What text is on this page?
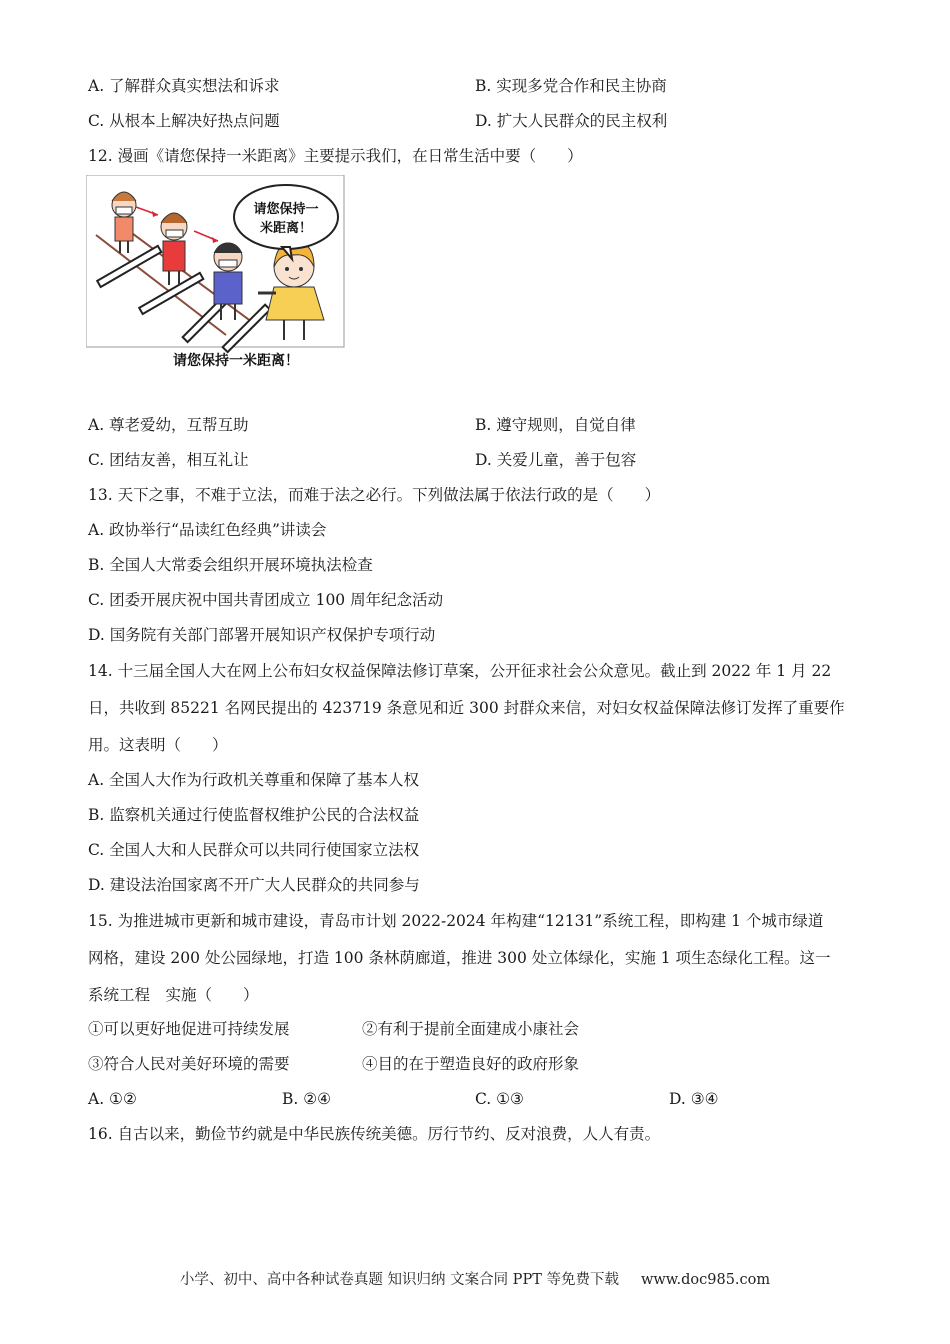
A. 了解群众真实想法和诉求	B. 实现多党合作和民主协商
C. 从根本上解决好热点问题	D. 扩大人民群众的民主权利
12. 漫画《请您保持一米距离》主要提示我们，在日常生活中要（　　）
请您保持一
米距离！
请您保持一米距离！
A. 尊老爱幼，互帮互助	B. 遵守规则，自觉自律
C. 团结友善，相互礼让	D. 关爱儿童，善于包容
13. 天下之事，不难于立法，而难于法之必行。下列做法属于依法行政的是（　　）
A. 政协举行“品读红色经典”讲读会
B. 全国人大常委会组织开展环境执法检查
C. 团委开展庆祝中国共青团成立 100 周年纪念活动
D. 国务院有关部门部署开展知识产权保护专项行动
14. 十三届全国人大在网上公布妇女权益保障法修订草案，公开征求社会公众意见。截止到 2022 年 1 月 22
日，共收到 85221 名网民提出的 423719 条意见和近 300 封群众来信，对妇女权益保障法修订发挥了重要作
用。这表明（　　）
A. 全国人大作为行政机关尊重和保障了基本人权
B. 监察机关通过行使监督权维护公民的合法权益
C. 全国人大和人民群众可以共同行使国家立法权
D. 建设法治国家离不开广大人民群众的共同参与
15. 为推进城市更新和城市建设，青岛市计划 2022-2024 年构建“12131”系统工程，即构建 1 个城市绿道
网格，建设 200 处公园绿地，打造 100 条林荫廊道，推进 300 处立体绿化，实施 1 项生态绿化工程。这一
系统工程　实施（　　）
①可以更好地促进可持续发展	②有利于提前全面建成小康社会
③符合人民对美好环境的需要	④目的在于塑造良好的政府形象
A. ①②	B. ②④	C. ①③	D. ③④
16. 自古以来，勤俭节约就是中华民族传统美德。厉行节约、反对浪费，人人有责。
小学、初中、高中各种试卷真题 知识归纳 文案合同 PPT 等免费下载 www.doc985.com
